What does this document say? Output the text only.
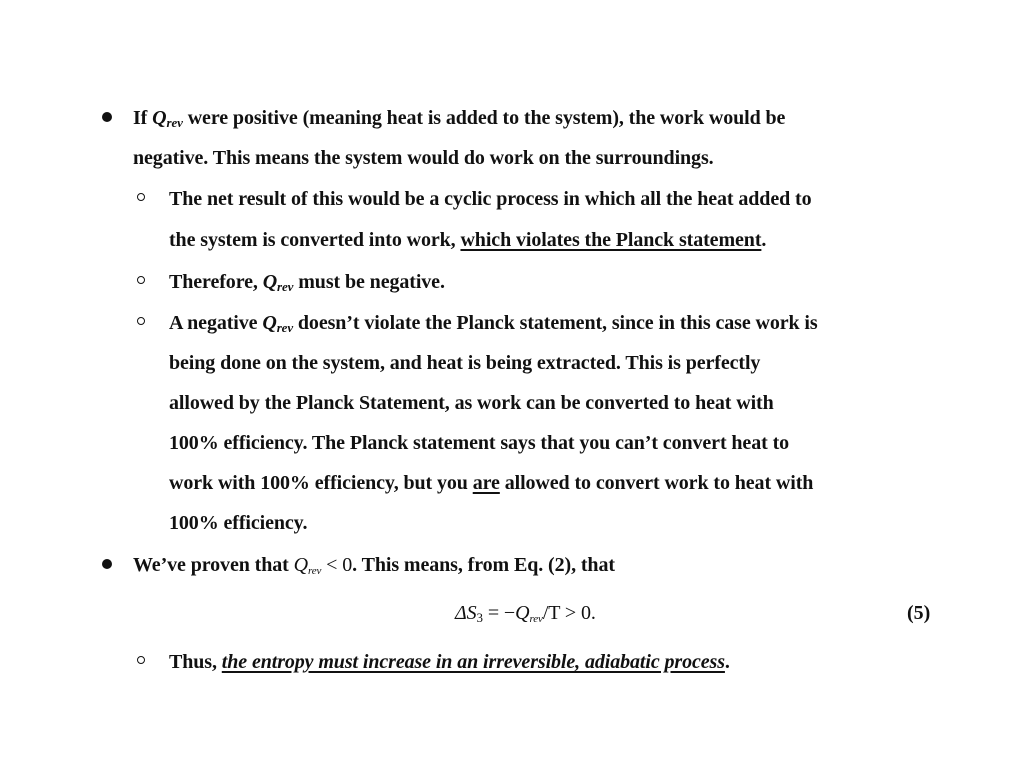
If $Q_{rev}$ were positive (meaning heat is added to the system), the work would be
negative. This means the system would do work on the surroundings.
The net result of this would be a cyclic process in which all the heat added to
the system is converted into work, which violates the Planck statement.
Therefore, $Q_{rev}$ must be negative.
A negative $Q_{rev}$ doesn’t violate the Planck statement, since in this case work is
being done on the system, and heat is being extracted. This is perfectly
allowed by the Planck Statement, as work can be converted to heat with
100% efficiency. The Planck statement says that you can’t convert heat to
work with 100% efficiency, but you are allowed to convert work to heat with
100% efficiency.
We’ve proven that $Q_{rev} < 0$. This means, from Eq. (2), that
$\Delta S_3 = -Q_{rev}/T > 0$.	(5)
Thus, the entropy must increase in an irreversible, adiabatic process.
